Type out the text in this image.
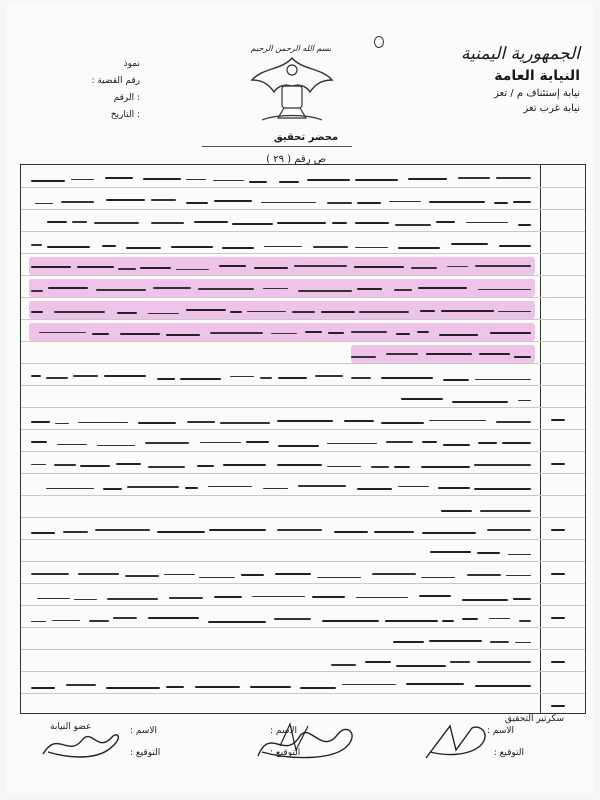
الجمهورية اليمنية
النيابة العامة
نيابة إستئناف م / تعز
نيابة غرب تعز
بسم الله الرحمن الرحيم
نموذ
رقم القضية :
: الرقم
: التاريخ
محضر تحقيق
ص رقم ( ٢٩ )
سكرتير التحقيق
عضو النيابة	الاسم :
التوقيع :
الاسم :
التوقيع :
الاسم :
التوقيع :
